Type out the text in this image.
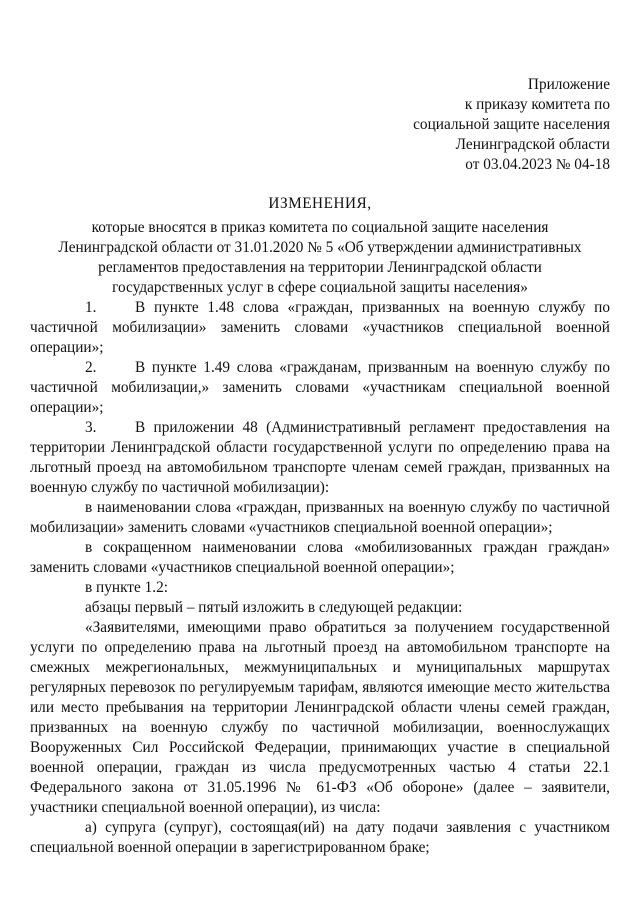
Приложение
к приказу комитета по
социальной защите населения
Ленинградской области
от 03.04.2023 № 04-18
ИЗМЕНЕНИЯ,
которые вносятся в приказ комитета по социальной защите населения
Ленинградской области от 31.01.2020 № 5 «Об утверждении административных
регламентов предоставления на территории Ленинградской области
государственных услуг в сфере социальной защиты населения»
1.	В пункте 1.48 слова «граждан, призванных на военную службу по
частичной мобилизации» заменить словами «участников специальной военной операции»;
2.	В пункте 1.49 слова «гражданам, призванным на военную службу по
частичной мобилизации,» заменить словами «участникам специальной военной операции»;
3.	В приложении 48 (Административный регламент предоставления на
территории Ленинградской области государственной услуги по определению права на льготный проезд на автомобильном транспорте членам семей граждан, призванных на военную службу по частичной мобилизации):
в наименовании слова «граждан, призванных на военную службу по частичной
мобилизации» заменить словами «участников специальной военной операции»;
в сокращенном наименовании слова «мобилизованных граждан граждан»
заменить словами «участников специальной военной операции»;
в пункте 1.2:
абзацы первый – пятый изложить в следующей редакции:
«Заявителями, имеющими право обратиться за получением государственной
услуги по определению права на льготный проезд на автомобильном транспорте на смежных межрегиональных, межмуниципальных и муниципальных маршрутах регулярных перевозок по регулируемым тарифам, являются имеющие место жительства или место пребывания на территории Ленинградской области члены семей граждан, призванных на военную службу по частичной мобилизации, военнослужащих Вооруженных Сил Российской Федерации, принимающих участие в специальной военной операции, граждан из числа предусмотренных частью 4 статьи 22.1 Федерального закона от 31.05.1996 № 61-ФЗ «Об обороне» (далее – заявители, участники специальной военной операции), из числа:
а) супруга (супруг), состоящая(ий) на дату подачи заявления с участником
специальной военной операции в зарегистрированном браке;
